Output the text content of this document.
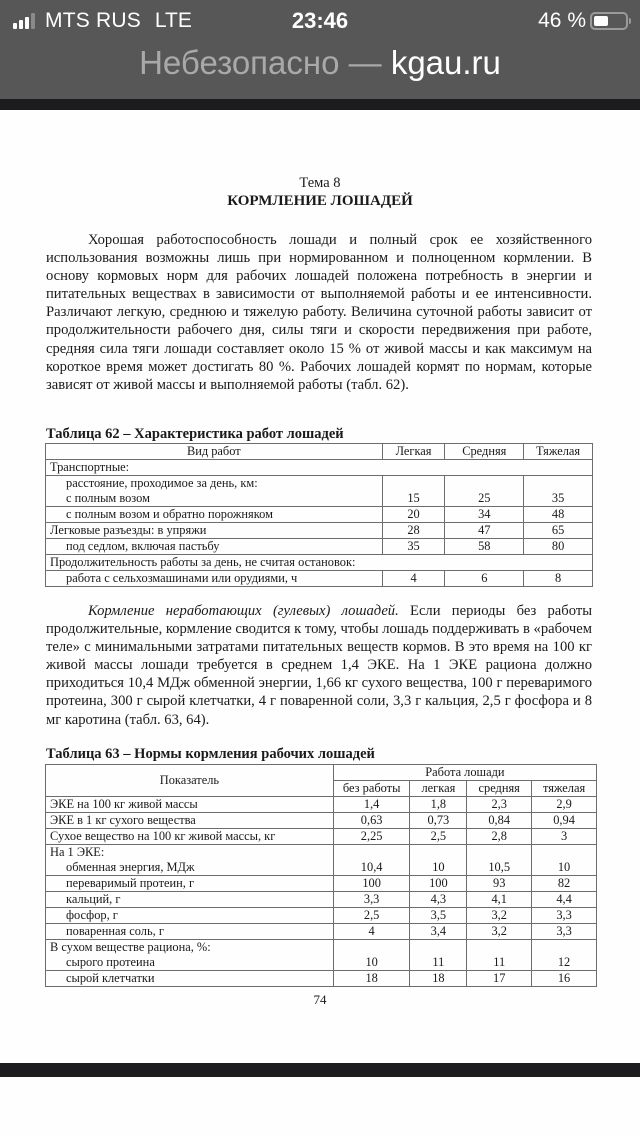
MTS RUS LTE	23:46	46 %
Небезопасно — kgau.ru
Тема 8
КОРМЛЕНИЕ ЛОШАДЕЙ
Хорошая работоспособность лошади и полный срок ее хозяйственного использования возможны лишь при нормированном и полноценном кормлении. В основу кормовых норм для рабочих лошадей положена потребность в энергии и питательных веществах в зависимости от выполняемой работы и ее интенсивности. Различают легкую, среднюю и тяжелую работу. Величина суточной работы зависит от продолжительности рабочего дня, силы тяги и скорости передвижения при работе, средняя сила тяги лошади составляет около 15 % от живой массы и как максимум на короткое время может достигать 80 %. Рабочих лошадей кормят по нормам, которые зависят от живой массы и выполняемой работы (табл. 62).
Таблица 62 – Характеристика работ лошадей
Вид работ	Легкая	Средняя	Тяжелая
Транспортные:			
расстояние, проходимое за день, км:
с полным возом	15	25	35
с полным возом и обратно порожняком	20	34	48
Легковые разъезды: в упряжи	28	47	65
под седлом, включая пастьбу	35	58	80
Продолжительность работы за день, не считая остановок:			
работа с сельхозмашинами или орудиями, ч	4	6	8
Кормление неработающих (гулевых) лошадей. Если периоды без работы продолжительные, кормление сводится к тому, чтобы лошадь поддерживать в «рабочем теле» с минимальными затратами питательных веществ кормов. В это время на 100 кг живой массы лошади требуется в среднем 1,4 ЭКЕ. На 1 ЭКЕ рациона должно приходиться 10,4 МДж обменной энергии, 1,66 кг сухого вещества, 100 г переваримого протеина, 300 г сырой клетчатки, 4 г поваренной соли, 3,3 г кальция, 2,5 г фосфора и 8 мг каротина (табл. 63, 64).
Таблица 63 – Нормы кормления рабочих лошадей
Показатель	Работа лошади			
	без работы	легкая	средняя	тяжелая
ЭКЕ на 100 кг живой массы	1,4	1,8	2,3	2,9
ЭКЕ в 1 кг сухого вещества	0,63	0,73	0,84	0,94
Сухое вещество на 100 кг живой массы, кг	2,25	2,5	2,8	3
На 1 ЭКЕ:
обменная энергия, МДж	10,4	10	10,5	10
переваримый протеин, г	100	100	93	82
кальций, г	3,3	4,3	4,1	4,4
фосфор, г	2,5	3,5	3,2	3,3
поваренная соль, г	4	3,4	3,2	3,3
В сухом веществе рациона, %:
сырого протеина	10	11	11	12
сырой клетчатки	18	18	17	16
74
